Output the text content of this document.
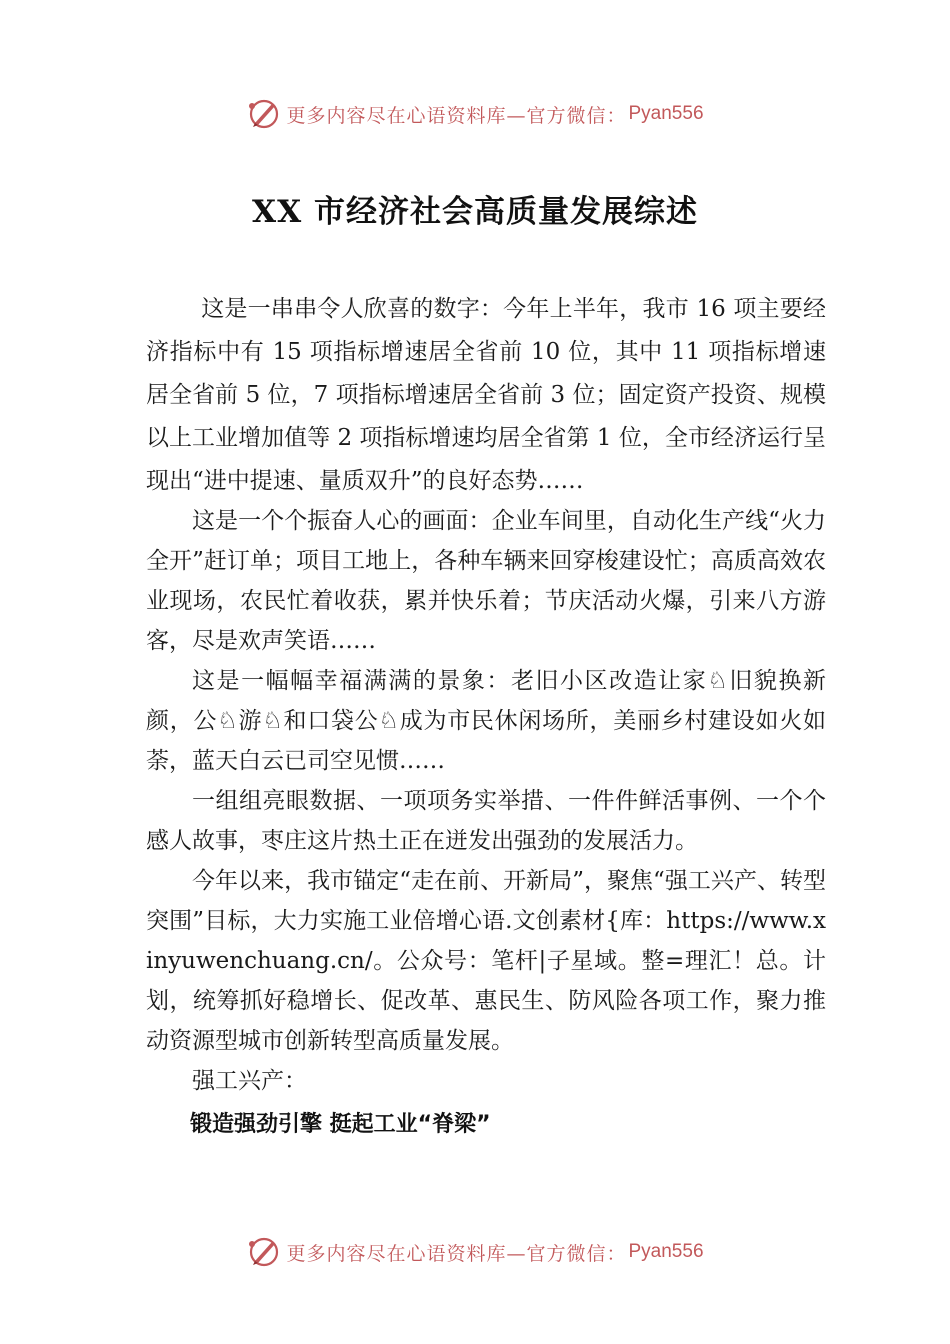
更多内容尽在心语资料库—官方微信： Pyan556
XX 市经济社会高质量发展综述

这是一串串令人欣喜的数字：今年上半年，我市 16 项主要经济指标中有 15 项指标增速居全省前 10 位，其中 11 项指标增速居全省前 5 位，7 项指标增速居全省前 3 位；固定资产投资、规模以上工业增加值等 2 项指标增速均居全省第 1 位，全市经济运行呈现出“进中提速、量质双升”的良好态势……

这是一个个振奋人心的画面：企业车间里，自动化生产线“火力全开”赶订单；项目工地上，各种车辆来回穿梭建设忙；高质高效农业现场，农民忙着收获，累并快乐着；节庆活动火爆，引来八方游客，尽是欢声笑语……

这是一幅幅幸福满满的景象：老旧小区改造让家♘旧貌换新颜，公♘游♘和口袋公♘成为市民休闲场所，美丽乡村建设如火如荼，蓝天白云已司空见惯……

一组组亮眼数据、一项项务实举措、一件件鲜活事例、一个个感人故事，枣庄这片热土正在迸发出强劲的发展活力。

今年以来，我市锚定“走在前、开新局”，聚焦“强工兴产、转型突围”目标，大力实施工业倍增心语.文创素材{库：https://www.xinyuwenchuang.cn/。公众号：笔杆|子星域。整=理汇！总。计划，统筹抓好稳增长、促改革、惠民生、防风险各项工作，聚力推动资源型城市创新转型高质量发展。

强工兴产：

锻造强劲引擎 挺起工业“脊梁”

更多内容尽在心语资料库—官方微信： Pyan556
